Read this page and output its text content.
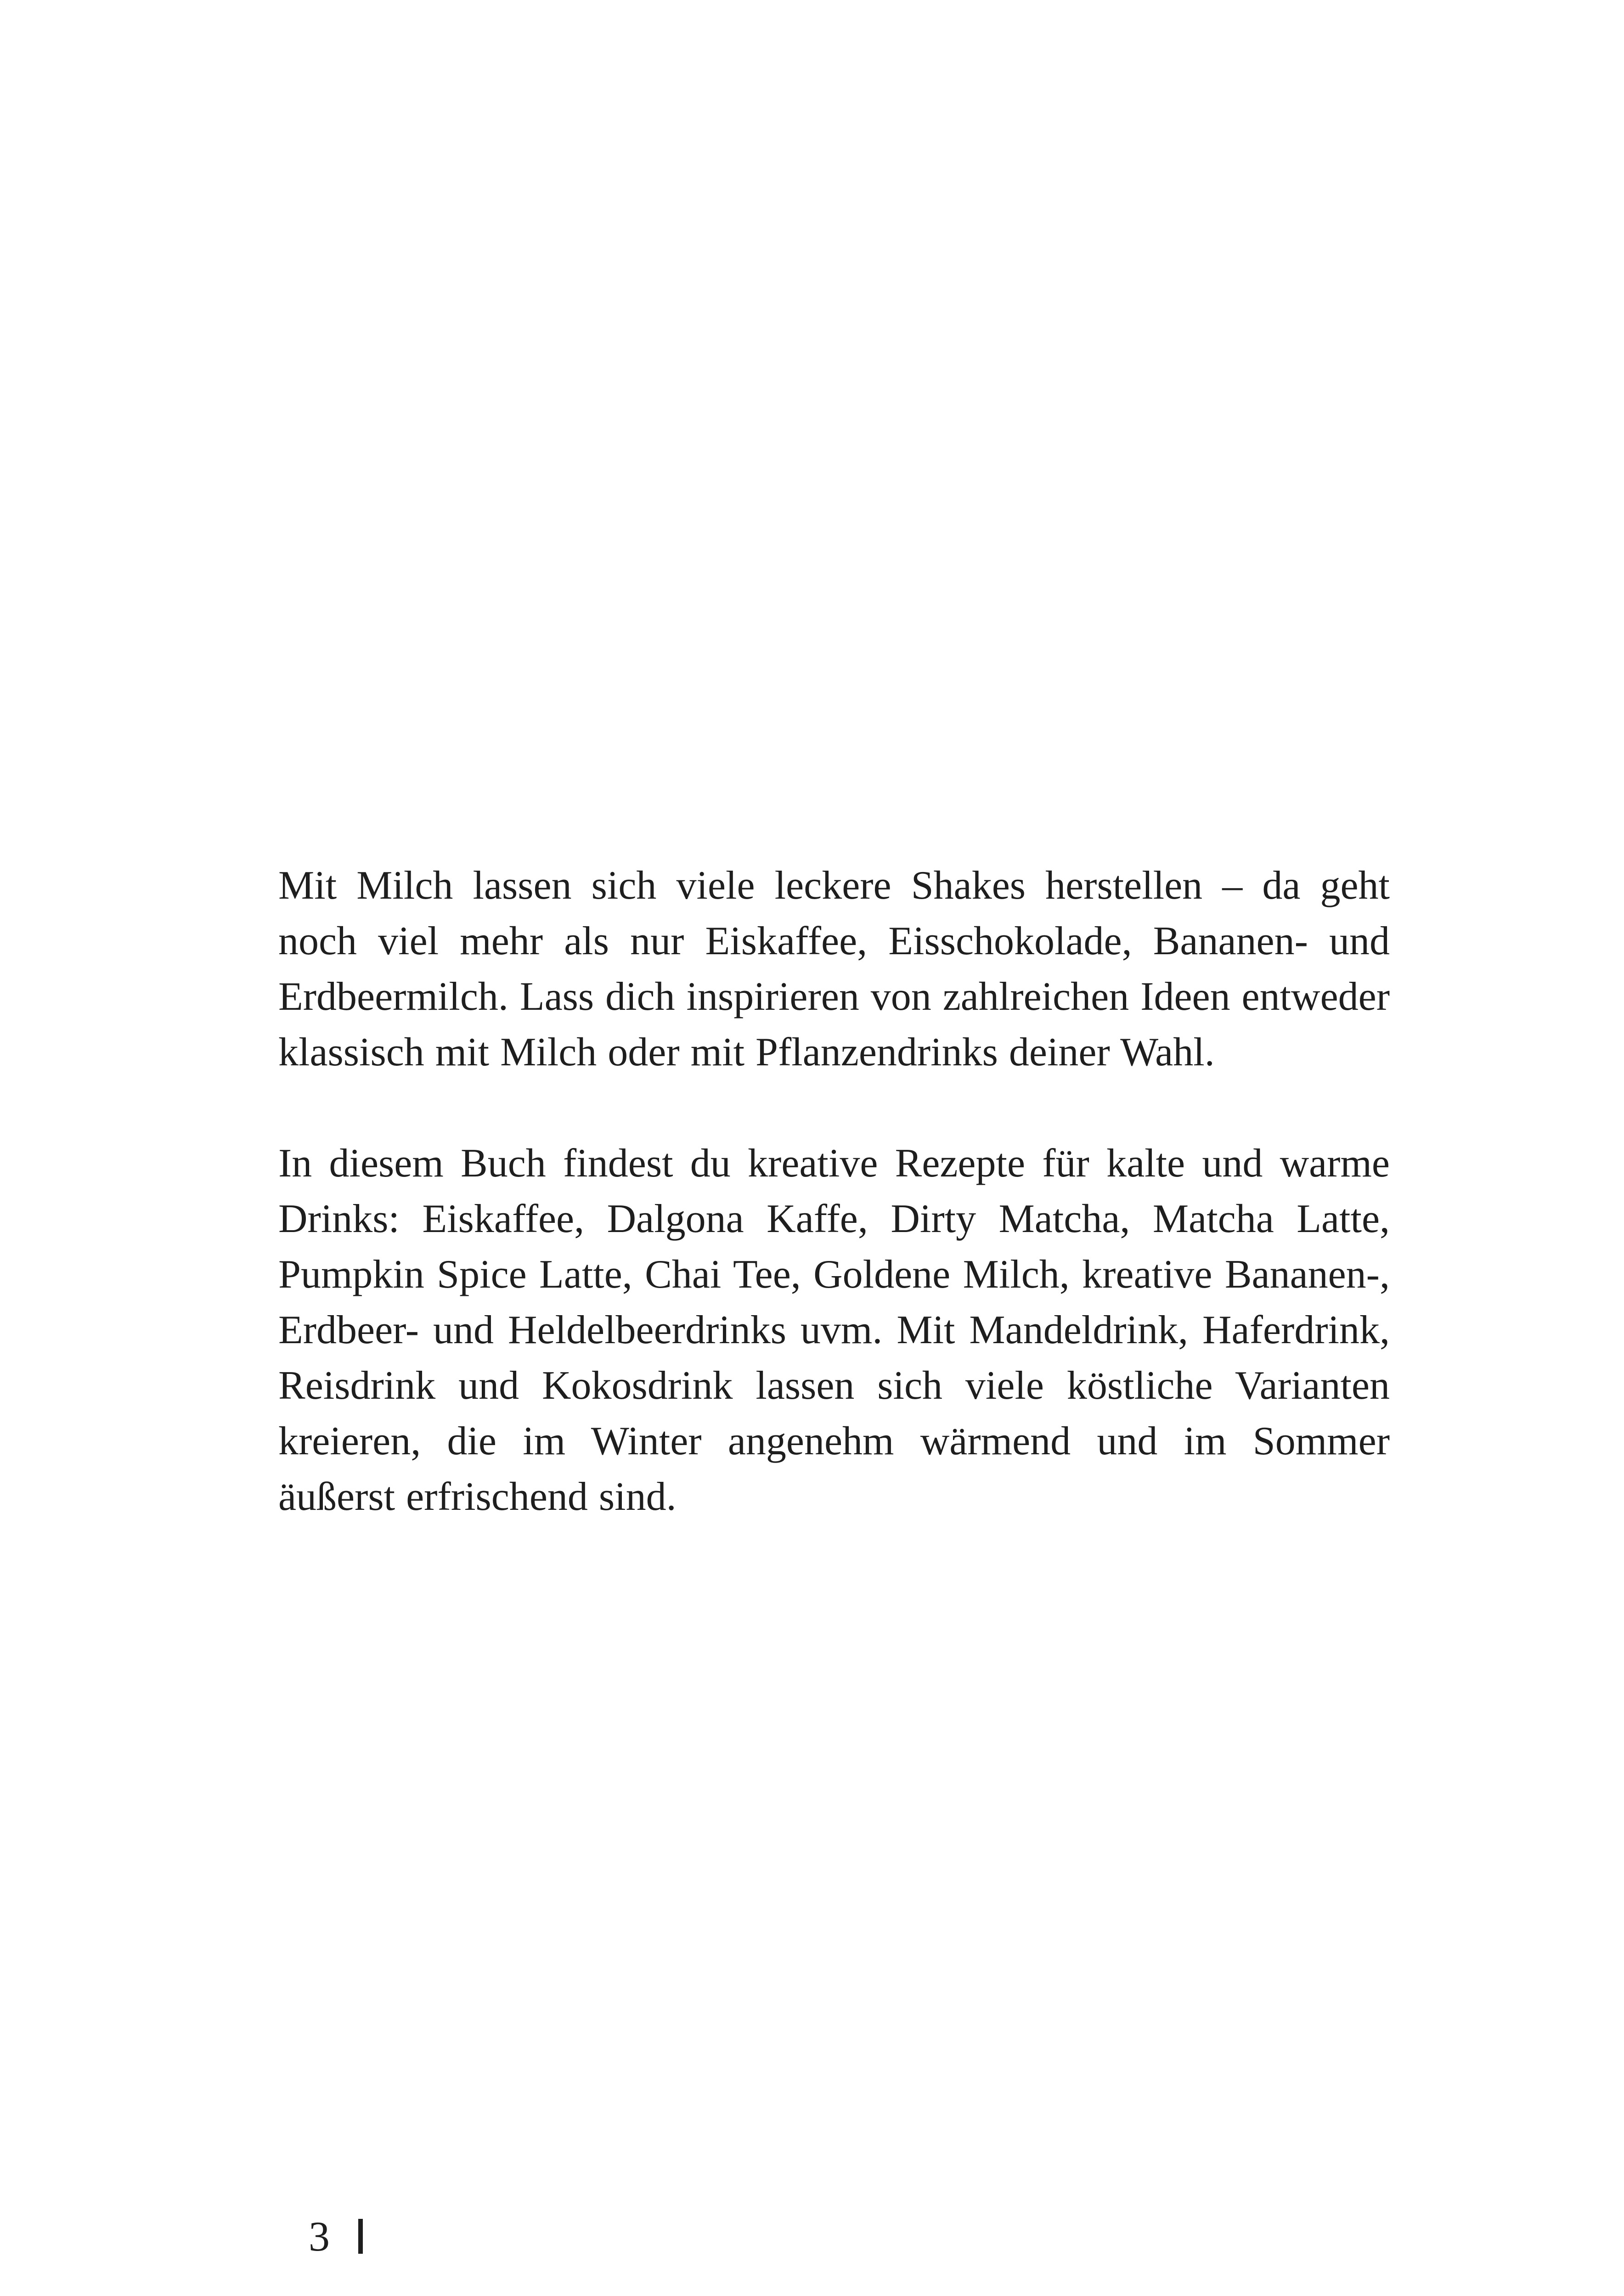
Mit Milch lassen sich viele leckere Shakes herstellen – da geht noch viel mehr als nur Eiskaffee, Eisschokolade, Bananen- und Erdbeermilch. Lass dich inspirieren von zahlreichen Ideen entweder klassisch mit Milch oder mit Pflanzendrinks deiner Wahl.

In diesem Buch findest du kreative Rezepte für kalte und warme Drinks: Eiskaffee, Dalgona Kaffe, Dirty Matcha, Matcha Latte, Pumpkin Spice Latte, Chai Tee, Goldene Milch, kreative Bananen-, Erdbeer- und Heldelbeerdrinks uvm. Mit Mandeldrink, Haferdrink, Reisdrink und Kokosdrink lassen sich viele köstliche Varianten kreieren, die im Winter angenehm wärmend und im Sommer äußerst erfrischend sind.

3
